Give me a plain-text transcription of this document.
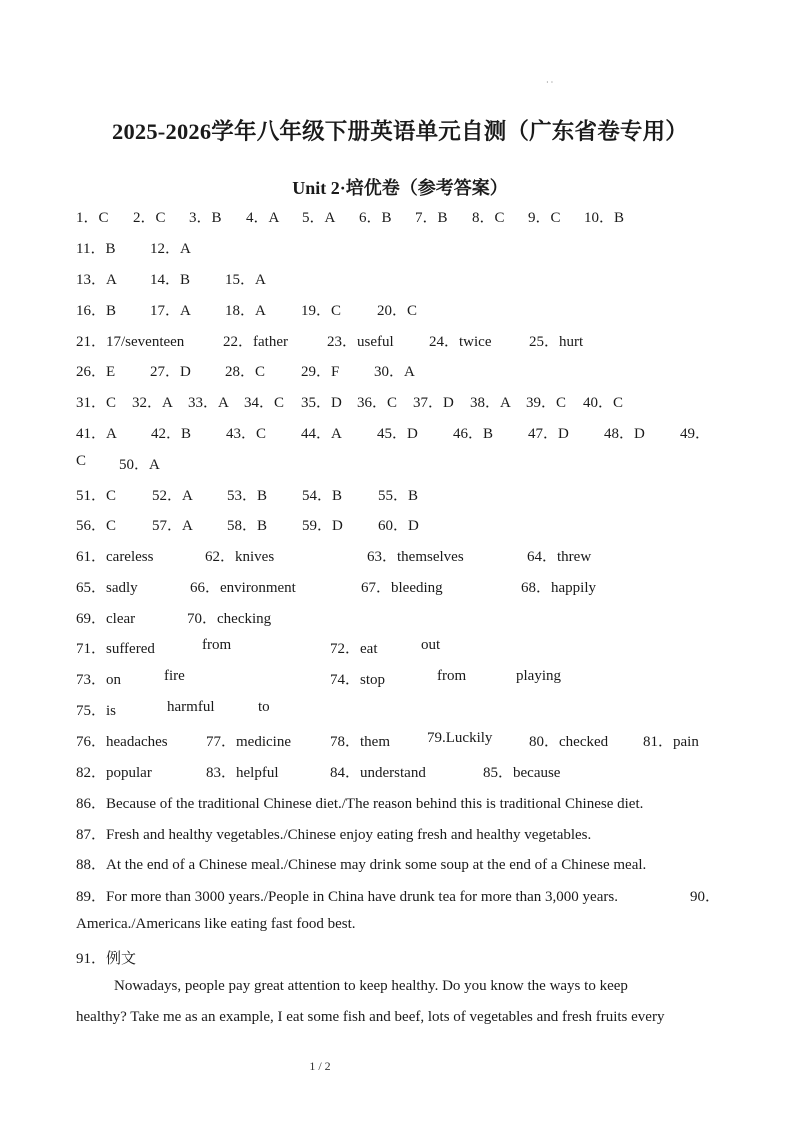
· ·
2025-2026学年八年级下册英语单元自测（广东省卷专用）
Unit 2·培优卷（参考答案）
1．C 2．C 3．B 4．A 5．A 6．B 7．B 8．C 9．C 10．B
11．B 12．A
13．A 14．B 15．A
16．B 17．A 18．A 19．C 20．C
21．17/seventeen	22．father	23．useful 24．twice	25．hurt
26．E 27．D 28．C 29．F 30．A
31．C 32．A 33．A 34．C 35．D 36．C 37．D 38．A 39．C 40．C
41．A 42．B 43．C 44．A 45．D 46．B 47．D 48．D 49．
C 50．A
51．C 52．A 53．B 54．B 55．B
56．C 57．A 58．B 59．D 60．D
61．careless	62．knives	63．themselves	64．threw
65．sadly	66．environment	67．bleeding	68．happily
69．clear	70．checking
71．suffered	from	72．eat	out
73．on	fire	74．stop	from	playing
75．is	harmful	to
76．headaches	77．medicine	78．them 79.Luckily 80．checked 81．pain
82．popular	83．helpful	84．understand	85．because
86．Because of the traditional Chinese diet./The reason behind this is traditional Chinese diet.
87．Fresh and healthy vegetables./Chinese enjoy eating fresh and healthy vegetables.
88．At the end of a Chinese meal./Chinese may drink some soup at the end of a Chinese meal.
89．For more than 3000 years./People in China have drunk tea for more than 3,000 years.	90．
America./Americans like eating fast food best.
91．例文
Nowadays, people pay great attention to keep healthy. Do you know the ways to keep
healthy? Take me as an example, I eat some fish and beef, lots of vegetables and fresh fruits every
1 / 2
